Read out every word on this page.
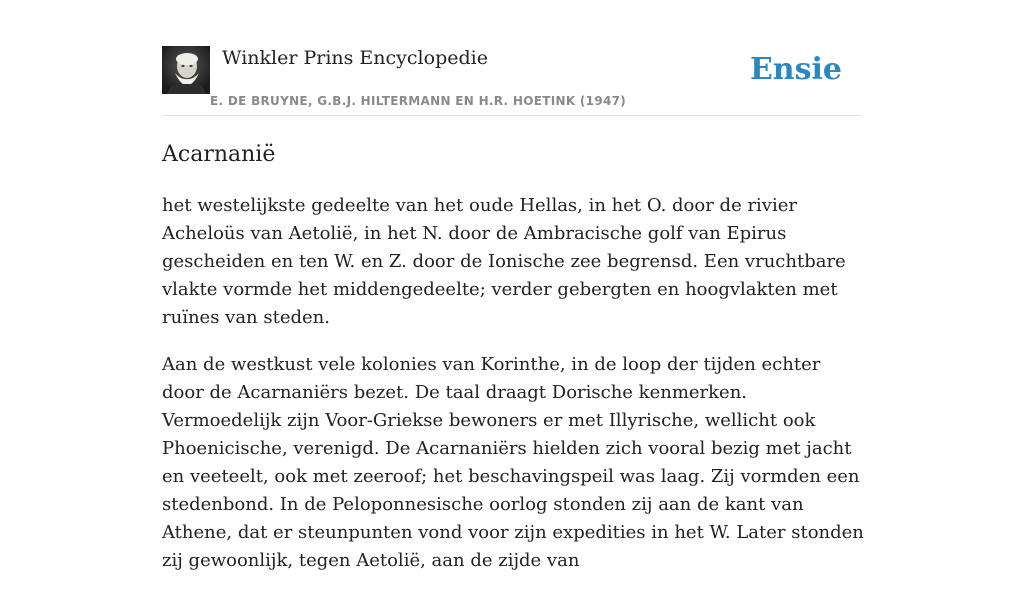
Winkler Prins Encyclopedie
E. DE BRUYNE, G.B.J. HILTERMANN EN H.R. HOETINK (1947)
Ensie
Acarnanië

het westelijkste gedeelte van het oude Hellas, in het O. door de rivier Acheloüs van Aetolië, in het N. door de Ambracische golf van Epirus gescheiden en ten W. en Z. door de Ionische zee begrensd. Een vruchtbare vlakte vormde het middengedeelte; verder gebergten en hoogvlakten met ruïnes van steden.

Aan de westkust vele kolonies van Korinthe, in de loop der tijden echter door de Acarnaniërs bezet. De taal draagt Dorische kenmerken. Vermoedelijk zijn Voor-Griekse bewoners er met Illyrische, wellicht ook Phoenicische, verenigd. De Acarnaniërs hielden zich vooral bezig met jacht en veeteelt, ook met zeeroof; het beschavingspeil was laag. Zij vormden een stedenbond. In de Peloponnesische oorlog stonden zij aan de kant van Athene, dat er steunpunten vond voor zijn expedities in het W. Later stonden zij gewoonlijk, tegen Aetolië, aan de zijde van
